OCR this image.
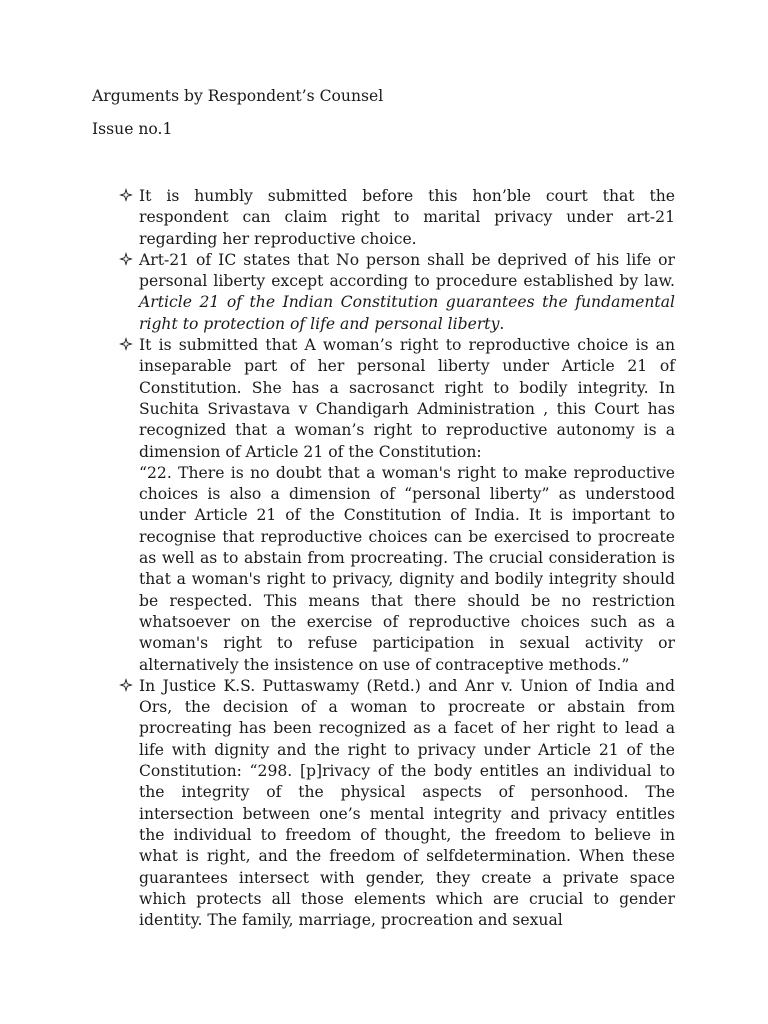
Arguments by Respondent’s Counsel
Issue no.1
It is humbly submitted before this hon’ble court that the respondent can claim right to marital privacy under art-21 regarding her reproductive choice.
Art-21 of IC states that No person shall be deprived of his life or personal liberty except according to procedure established by law. Article 21 of the Indian Constitution guarantees the fundamental right to protection of life and personal liberty.
It is submitted that A woman’s right to reproductive choice is an inseparable part of her personal liberty under Article 21 of Constitution. She has a sacrosanct right to bodily integrity. In Suchita Srivastava v Chandigarh Administration , this Court has recognized that a woman’s right to reproductive autonomy is a dimension of Article 21 of the Constitution:
“22. There is no doubt that a woman's right to make reproductive choices is also a dimension of “personal liberty” as understood under Article 21 of the Constitution of India. It is important to recognise that reproductive choices can be exercised to procreate as well as to abstain from procreating. The crucial consideration is that a woman's right to privacy, dignity and bodily integrity should be respected. This means that there should be no restriction whatsoever on the exercise of reproductive choices such as a woman's right to refuse participation in sexual activity or alternatively the insistence on use of contraceptive methods.”
In Justice K.S. Puttaswamy (Retd.) and Anr v. Union of India and Ors, the decision of a woman to procreate or abstain from procreating has been recognized as a facet of her right to lead a life with dignity and the right to privacy under Article 21 of the Constitution: “298. [p]rivacy of the body entitles an individual to the integrity of the physical aspects of personhood. The intersection between one’s mental integrity and privacy entitles the individual to freedom of thought, the freedom to believe in what is right, and the freedom of selfdetermination. When these guarantees intersect with gender, they create a private space which protects all those elements which are crucial to gender identity. The family, marriage, procreation and sexual
